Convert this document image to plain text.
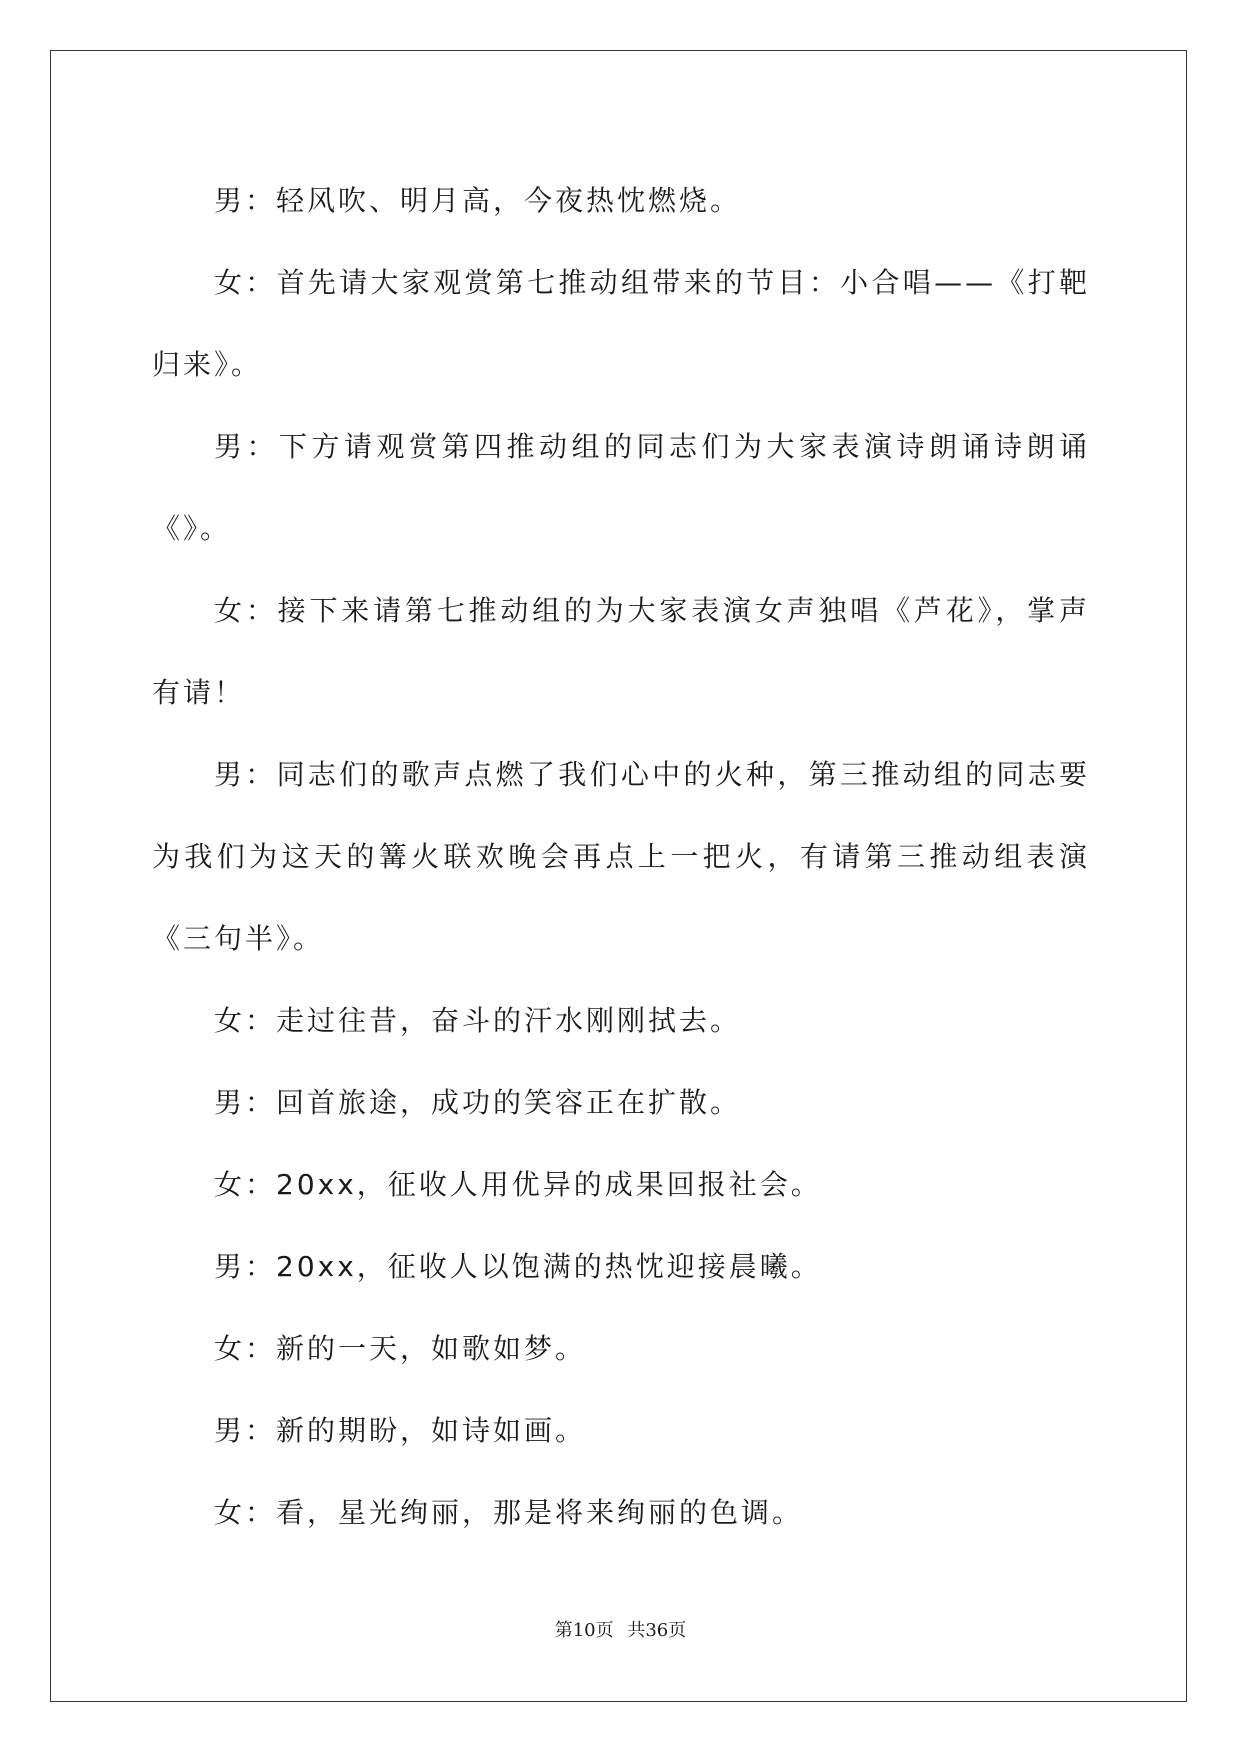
男：轻风吹、明月高，今夜热忱燃烧。

女：首先请大家观赏第七推动组带来的节目：小合唱——《打靶归来》。

男：下方请观赏第四推动组的同志们为大家表演诗朗诵诗朗诵《》。

女：接下来请第七推动组的为大家表演女声独唱《芦花》，掌声有请！

男：同志们的歌声点燃了我们心中的火种，第三推动组的同志要为我们为这天的篝火联欢晚会再点上一把火，有请第三推动组表演《三句半》。

女：走过往昔，奋斗的汗水刚刚拭去。

男：回首旅途，成功的笑容正在扩散。

女：20xx，征收人用优异的成果回报社会。

男：20xx，征收人以饱满的热忱迎接晨曦。

女：新的一天，如歌如梦。

男：新的期盼，如诗如画。

女：看，星光绚丽，那是将来绚丽的色调。

第10页 共36页
